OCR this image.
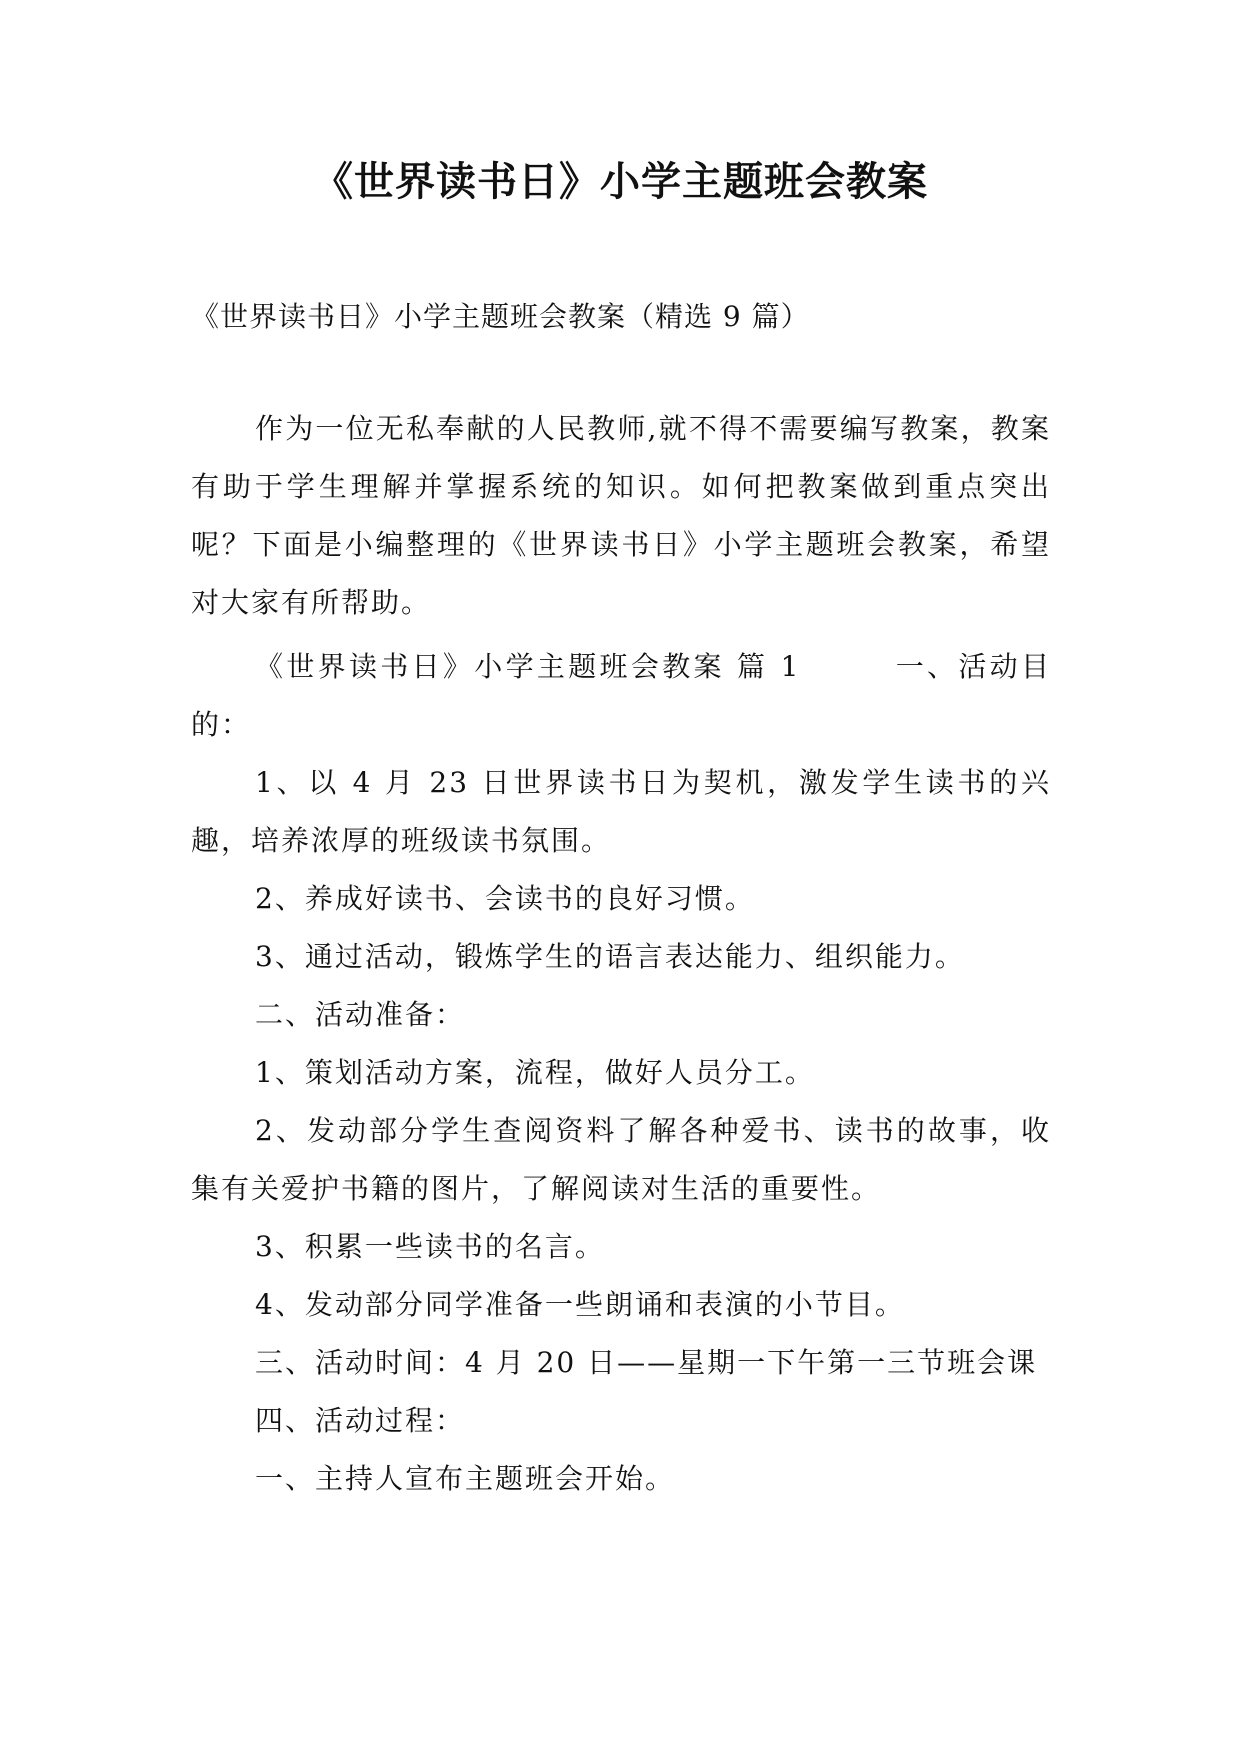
《世界读书日》小学主题班会教案
《世界读书日》小学主题班会教案（精选 9 篇）

作为一位无私奉献的人民教师,就不得不需要编写教案，教案有助于学生理解并掌握系统的知识。如何把教案做到重点突出呢？下面是小编整理的《世界读书日》小学主题班会教案，希望对大家有所帮助。

《世界读书日》小学主题班会教案 篇 1　　　一、活动目的：

1、以 4 月 23 日世界读书日为契机，激发学生读书的兴趣，培养浓厚的班级读书氛围。

2、养成好读书、会读书的良好习惯。

3、通过活动，锻炼学生的语言表达能力、组织能力。

二、活动准备：

1、策划活动方案，流程，做好人员分工。

2、发动部分学生查阅资料了解各种爱书、读书的故事，收集有关爱护书籍的图片，了解阅读对生活的重要性。

3、积累一些读书的名言。

4、发动部分同学准备一些朗诵和表演的小节目。

三、活动时间：4 月 20 日——星期一下午第一三节班会课

四、活动过程：

一、主持人宣布主题班会开始。
